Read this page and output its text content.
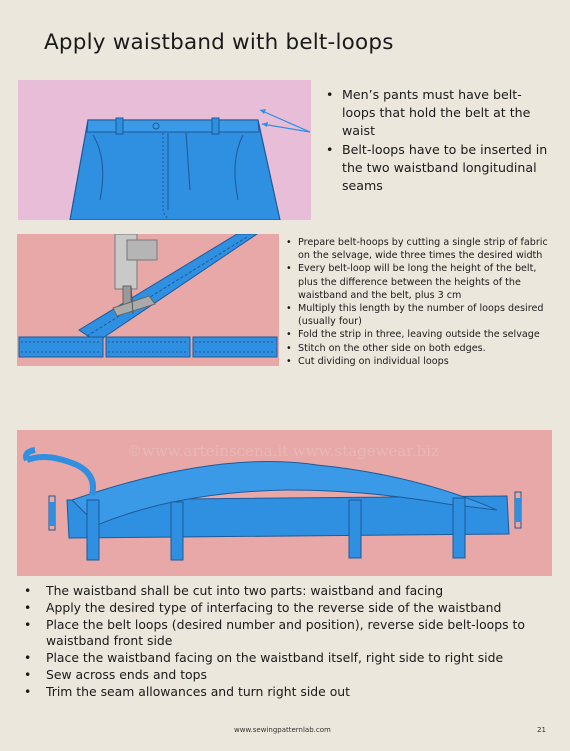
Apply waistband with belt-loops
• Men’s pants must have belt-loops that hold the belt at the waist
• Belt-loops have to be inserted in the two waistband longitudinal seams
• Prepare belt-hoops by cutting a single strip of fabric on the selvage, wide three times the desired width
• Every belt-loop will be long the height of the belt, plus the difference between the heights of the waistband and the belt, plus 3 cm
• Multiply this length by the number of loops desired (usually four)
• Fold the strip in three, leaving outside the selvage
• Stitch on the other side on both edges.
• Cut dividing on individual loops
©www.arteinscena.it www.stagewear.biz
• The waistband shall be cut into two parts: waistband and facing
• Apply the desired type of interfacing to the reverse side of the waistband
• Place the belt loops (desired number and position), reverse side belt-loops to waistband front side
• Place the waistband facing on the waistband itself, right side to right side
• Sew across ends and tops
• Trim the seam allowances and turn right side out
www.sewingpatternlab.com	21
